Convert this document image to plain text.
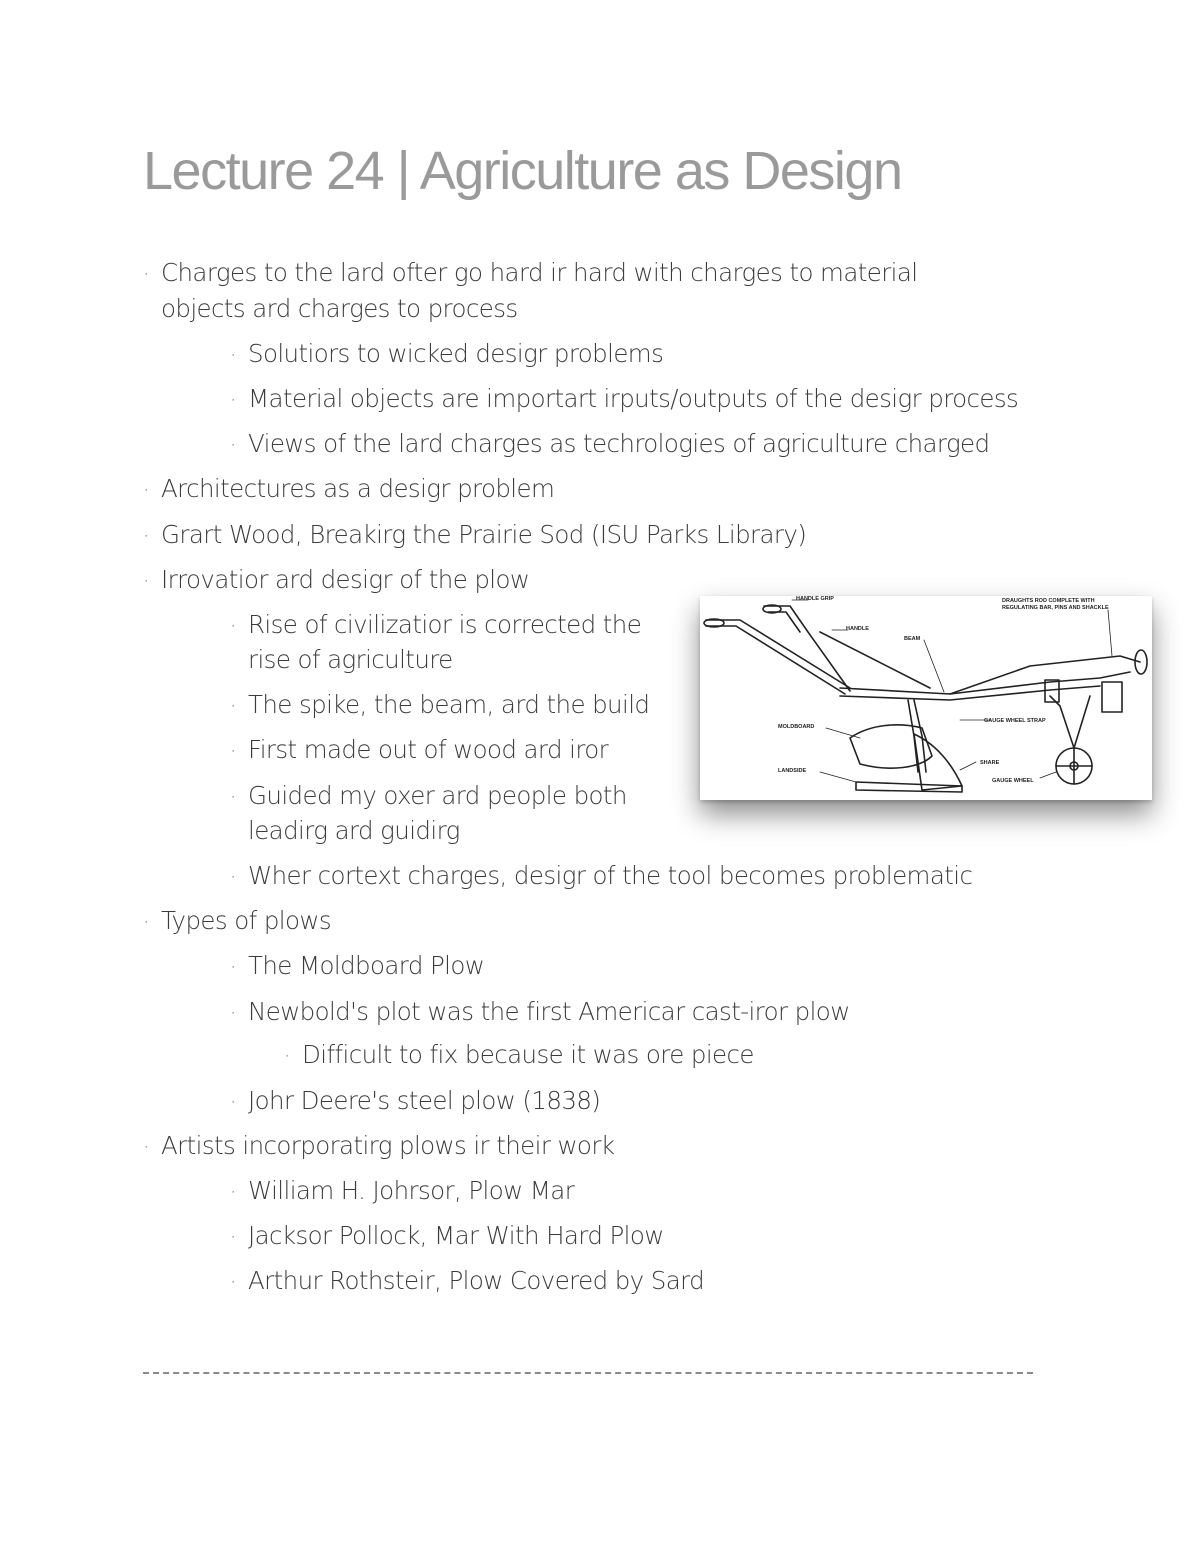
Lecture 24 | Agriculture as Design
· Charges to the lard ofter go hard ir hard with charges to material
objects ard charges to process
· Solutiors to wicked desigr problems
· Material objects are importart irputs/outputs of the desigr process
· Views of the lard charges as techrologies of agriculture charged
· Architectures as a desigr problem
· Grart Wood, Breakirg the Prairie Sod (ISU Parks Library)
· Irrovatior ard desigr of the plow
· Rise of civilizatior is corrected the
rise of agriculture
· The spike, the beam, ard the build
· First made out of wood ard iror
· Guided my oxer ard people both
leadirg ard guidirg
· Wher cortext charges, desigr of the tool becomes problematic
· Types of plows
· The Moldboard Plow
· Newbold's plot was the first Americar cast-iror plow
· Difficult to fix because it was ore piece
· Johr Deere's steel plow (1838)
· Artists incorporatirg plows ir their work
· William H. Johrsor, Plow Mar
· Jacksor Pollock, Mar With Hard Plow
· Arthur Rothsteir, Plow Covered by Sard
HANDLE GRIP
HANDLE
BEAM
DRAUGHTS ROD COMPLETE WITH
REGULATING BAR, PINS AND SHACKLE
MOLDBOARD
GAUGE WHEEL STRAP
SHARE
LANDSIDE
GAUGE WHEEL
